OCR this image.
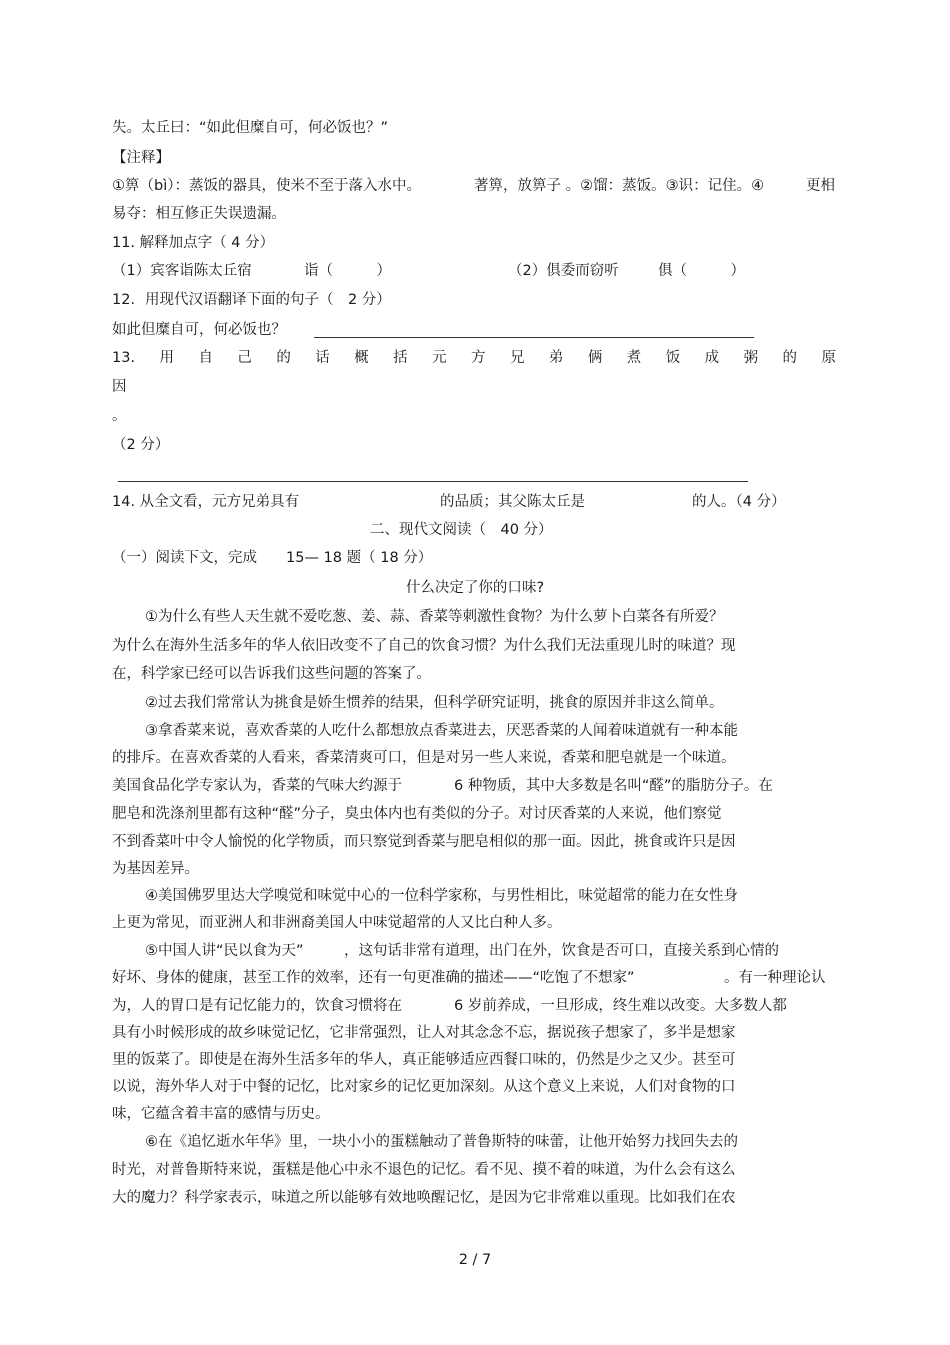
失。太丘曰：“如此但糜自可，何必饭也？”
【注释】
①箅（bì）：蒸饭的器具，使米不至于落入水中。	著箅，放箅子 。②馏：蒸饭。③识：记住。④	更相
易夺：相互修正失误遗漏。
11. 解释加点字（ 4 分）
（1）宾客诣陈太丘宿	诣（　　　）	（2）俱委而窃听	俱（　　　）
12．用现代汉语翻译下面的句子（　2 分）
如此但糜自可，何必饭也？
13. 用 自 己 的 话 概 括 元 方 兄 弟 俩 煮 饭 成 粥 的 原
因
。
（2 分）
14. 从全文看，元方兄弟具有	的品质；其父陈太丘是	的人。（4 分）
二、现代文阅读（　40 分）
（一）阅读下文，完成 15— 18 题（ 18 分）
什么决定了你的口味?
①为什么有些人天生就不爱吃葱、姜、蒜、香菜等刺激性食物？为什么萝卜白菜各有所爱？
为什么在海外生活多年的华人依旧改变不了自己的饮食习惯？为什么我们无法重现儿时的味道？现
在，科学家已经可以告诉我们这些问题的答案了。
②过去我们常常认为挑食是娇生惯养的结果，但科学研究证明，挑食的原因并非这么简单。
③拿香菜来说，喜欢香菜的人吃什么都想放点香菜进去，厌恶香菜的人闻着味道就有一种本能
的排斥。在喜欢香菜的人看来，香菜清爽可口，但是对另一些人来说，香菜和肥皂就是一个味道。
美国食品化学专家认为，香菜的气味大约源于	6 种物质，其中大多数是名叫“醛”的脂肪分子。在
肥皂和洗涤剂里都有这种“醛”分子，臭虫体内也有类似的分子。对讨厌香菜的人来说，他们察觉
不到香菜叶中令人愉悦的化学物质，而只察觉到香菜与肥皂相似的那一面。因此，挑食或许只是因
为基因差异。
④美国佛罗里达大学嗅觉和味觉中心的一位科学家称，与男性相比，味觉超常的能力在女性身
上更为常见，而亚洲人和非洲裔美国人中味觉超常的人又比白种人多。
⑤中国人讲“民以食为天”	，这句话非常有道理，出门在外，饮食是否可口，直接关系到心情的
好坏、身体的健康，甚至工作的效率，还有一句更准确的描述——“吃饱了不想家”	。有一种理论认
为，人的胃口是有记忆能力的，饮食习惯将在	6 岁前养成，一旦形成，终生难以改变。大多数人都
具有小时候形成的故乡味觉记忆，它非常强烈，让人对其念念不忘，据说孩子想家了，多半是想家
里的饭菜了。即使是在海外生活多年的华人，真正能够适应西餐口味的，仍然是少之又少。甚至可
以说，海外华人对于中餐的记忆，比对家乡的记忆更加深刻。从这个意义上来说，人们对食物的口
味，它蕴含着丰富的感情与历史。
⑥在《追忆逝水年华》里，一块小小的蛋糕触动了普鲁斯特的味蕾，让他开始努力找回失去的
时光，对普鲁斯特来说，蛋糕是他心中永不退色的记忆。看不见、摸不着的味道，为什么会有这么
大的魔力？科学家表示，味道之所以能够有效地唤醒记忆，是因为它非常难以重现。比如我们在农
2 / 7
